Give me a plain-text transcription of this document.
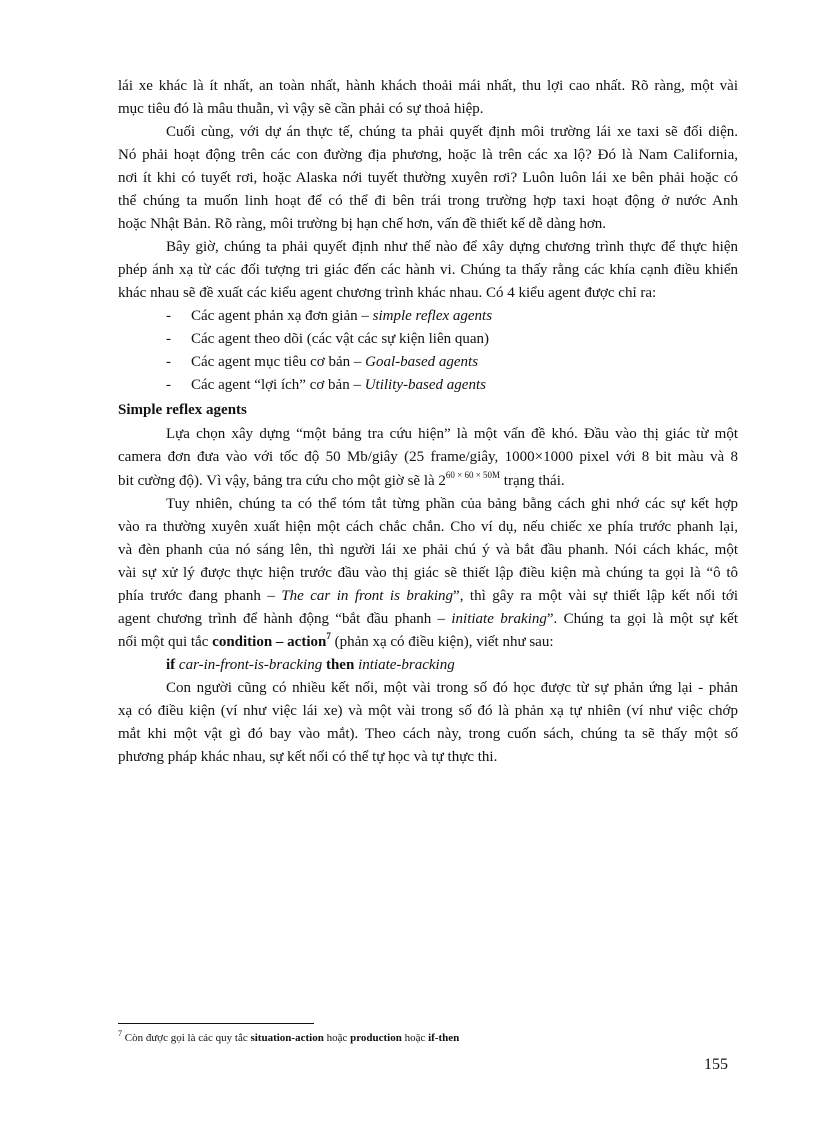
lái xe khác là ít nhất, an toàn nhất, hành khách thoải mái nhất, thu lợi cao nhất. Rõ ràng, một vài
mục tiêu đó là mâu thuẫn, vì vậy sẽ cần phải có sự thoả hiệp.
Cuối cùng, với dự án thực tế, chúng ta phải quyết định môi trường lái xe taxi sẽ đối diện.
Nó phải hoạt động trên các con đường địa phương, hoặc là trên các xa lộ? Đó là Nam California,
nơi ít khi có tuyết rơi, hoặc Alaska nới tuyết thường xuyên rơi? Luôn luôn lái xe bên phải hoặc có
thể chúng ta muốn linh hoạt để có thể đi bên trái trong trường hợp taxi hoạt động ở nước Anh
hoặc Nhật Bản. Rõ ràng, môi trường bị hạn chế hơn, vấn đề thiết kế dễ dàng hơn.
Bây giờ, chúng ta phải quyết định như thế nào để xây dựng chương trình thực để thực hiện
phép ánh xạ từ các đối tượng tri giác đến các hành vi. Chúng ta thấy rằng các khía cạnh điều khiển
khác nhau sẽ đề xuất các kiểu agent chương trình khác nhau. Có 4 kiểu agent được chỉ ra:
- Các agent phản xạ đơn giản – simple reflex agents
- Các agent theo dõi (các vật các sự kiện liên quan)
- Các agent mục tiêu cơ bản – Goal-based agents
- Các agent “lợi ích” cơ bản – Utility-based agents
Simple reflex agents
Lựa chọn xây dựng “một bảng tra cứu hiện” là một vấn đề khó. Đầu vào thị giác từ một
camera đơn đưa vào với tốc độ 50 Mb/giây (25 frame/giây, 1000×1000 pixel với 8 bit màu và 8
bit cường độ). Vì vậy, bảng tra cứu cho một giờ sẽ là $2^{60 \times 60 \times 50M}$ trạng thái.
Tuy nhiên, chúng ta có thể tóm tắt từng phần của bảng bằng cách ghi nhớ các sự kết hợp
vào ra thường xuyên xuất hiện một cách chắc chắn. Cho ví dụ, nếu chiếc xe phía trước phanh lại,
và đèn phanh của nó sáng lên, thì người lái xe phải chú ý và bắt đầu phanh. Nói cách khác, một
vài sự xử lý được thực hiện trước đầu vào thị giác sẽ thiết lập điều kiện mà chúng ta gọi là “ô tô
phía trước đang phanh – The car in front is braking”, thì gây ra một vài sự thiết lập kết nối tới
agent chương trình để hành động “bắt đầu phanh – initiate braking”. Chúng ta gọi là một sự kết
nối một qui tắc condition – action$^7$ (phản xạ có điều kiện), viết như sau:
if car-in-front-is-bracking then intiate-bracking
Con người cũng có nhiều kết nối, một vài trong số đó học được từ sự phản ứng lại - phản
xạ có điều kiện (ví như việc lái xe) và một vài trong số đó là phản xạ tự nhiên (ví như việc chớp
mắt khi một vật gì đó bay vào mắt). Theo cách này, trong cuốn sách, chúng ta sẽ thấy một số
phương pháp khác nhau, sự kết nối có thể tự học và tự thực thi.
$^7$ Còn được gọi là các quy tắc situation-action hoặc production hoặc if-then
155
